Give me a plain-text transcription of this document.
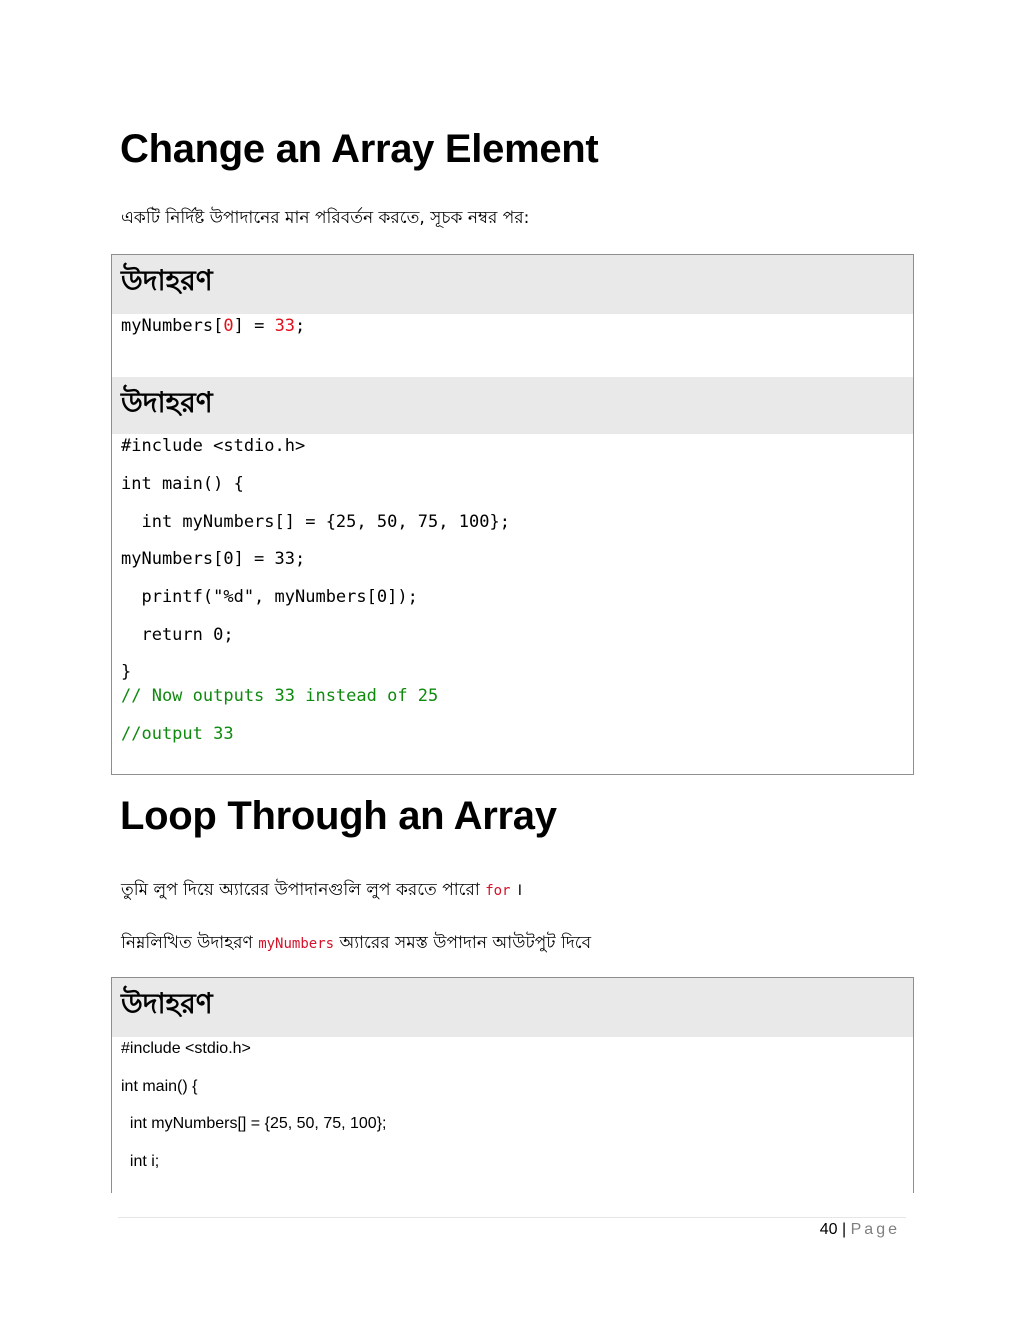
Change an Array Element
একটি নির্দিষ্ট উপাদানের মান পরিবর্তন করতে, সূচক নম্বর পর:
উদাহরণ
myNumbers[0] = 33;
উদাহরণ
#include <stdio.h>
int main() {
int myNumbers[] = {25, 50, 75, 100};
myNumbers[0] = 33;
printf("%d", myNumbers[0]);
return 0;
}
// Now outputs 33 instead of 25
//output 33
Loop Through an Array
তুমি লুপ দিয়ে অ্যারের উপাদানগুলি লুপ করতে পারো for ।
নিম্নলিখিত উদাহরণ myNumbers অ্যারের সমস্ত উপাদান আউটপুট দিবে
উদাহরণ
#include <stdio.h>
int main() {
int myNumbers[] = {25, 50, 75, 100};
int i;
40 | Page
